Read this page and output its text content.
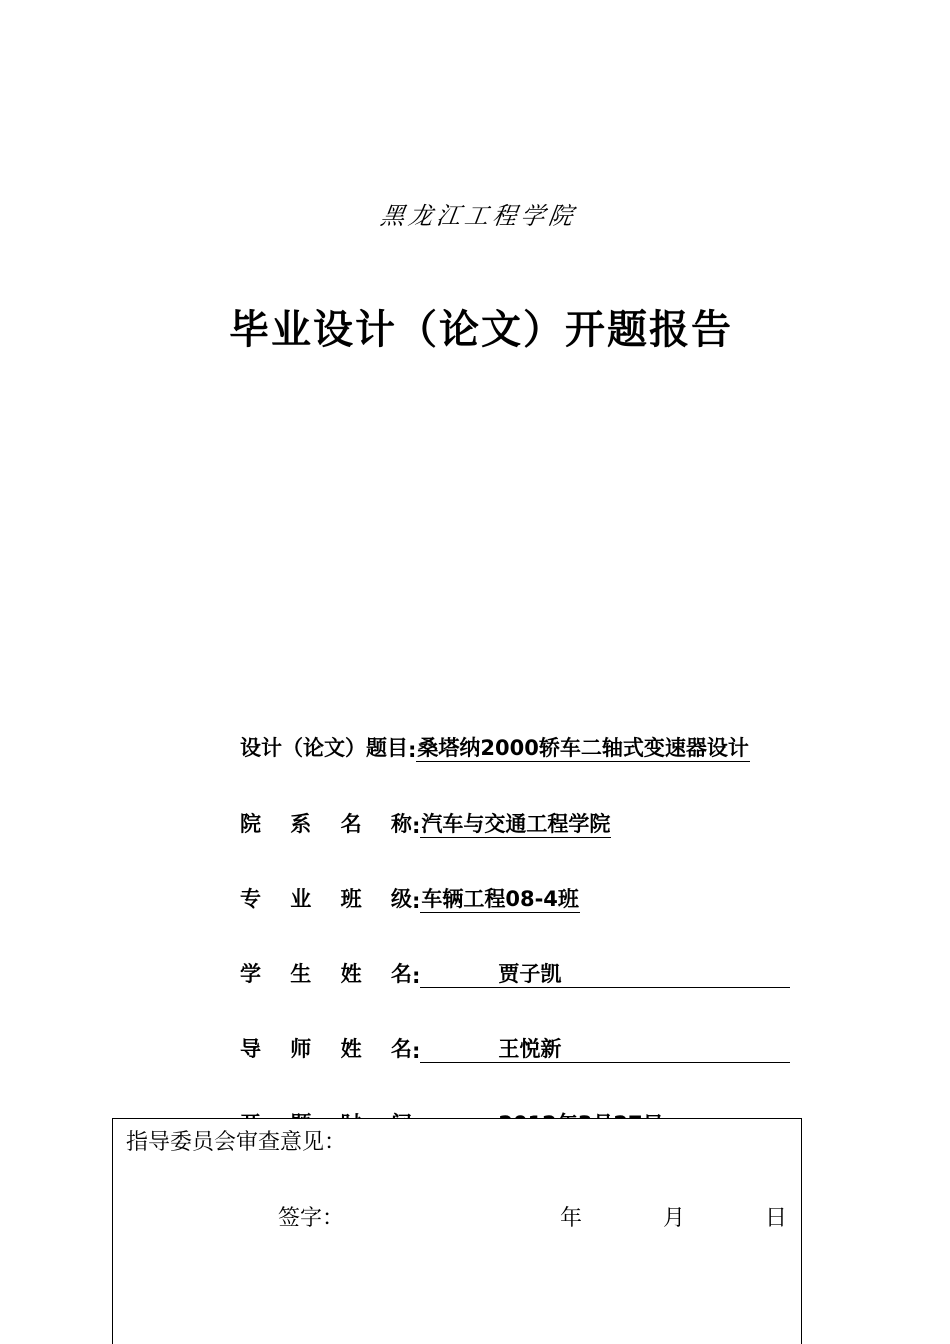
黑龙江工程学院
毕业设计（论文）开题报告
设计（论文）题目 : 桑塔纳2000轿车二轴式变速器设计
院 系 名 称 : 汽车与交通工程学院
专 业 班 级 : 车辆工程08-4班
学 生 姓 名 :	贾子凯
导 师 姓 名 :	王悦新
指导委员会审查意见：
签字：	年	月	日
